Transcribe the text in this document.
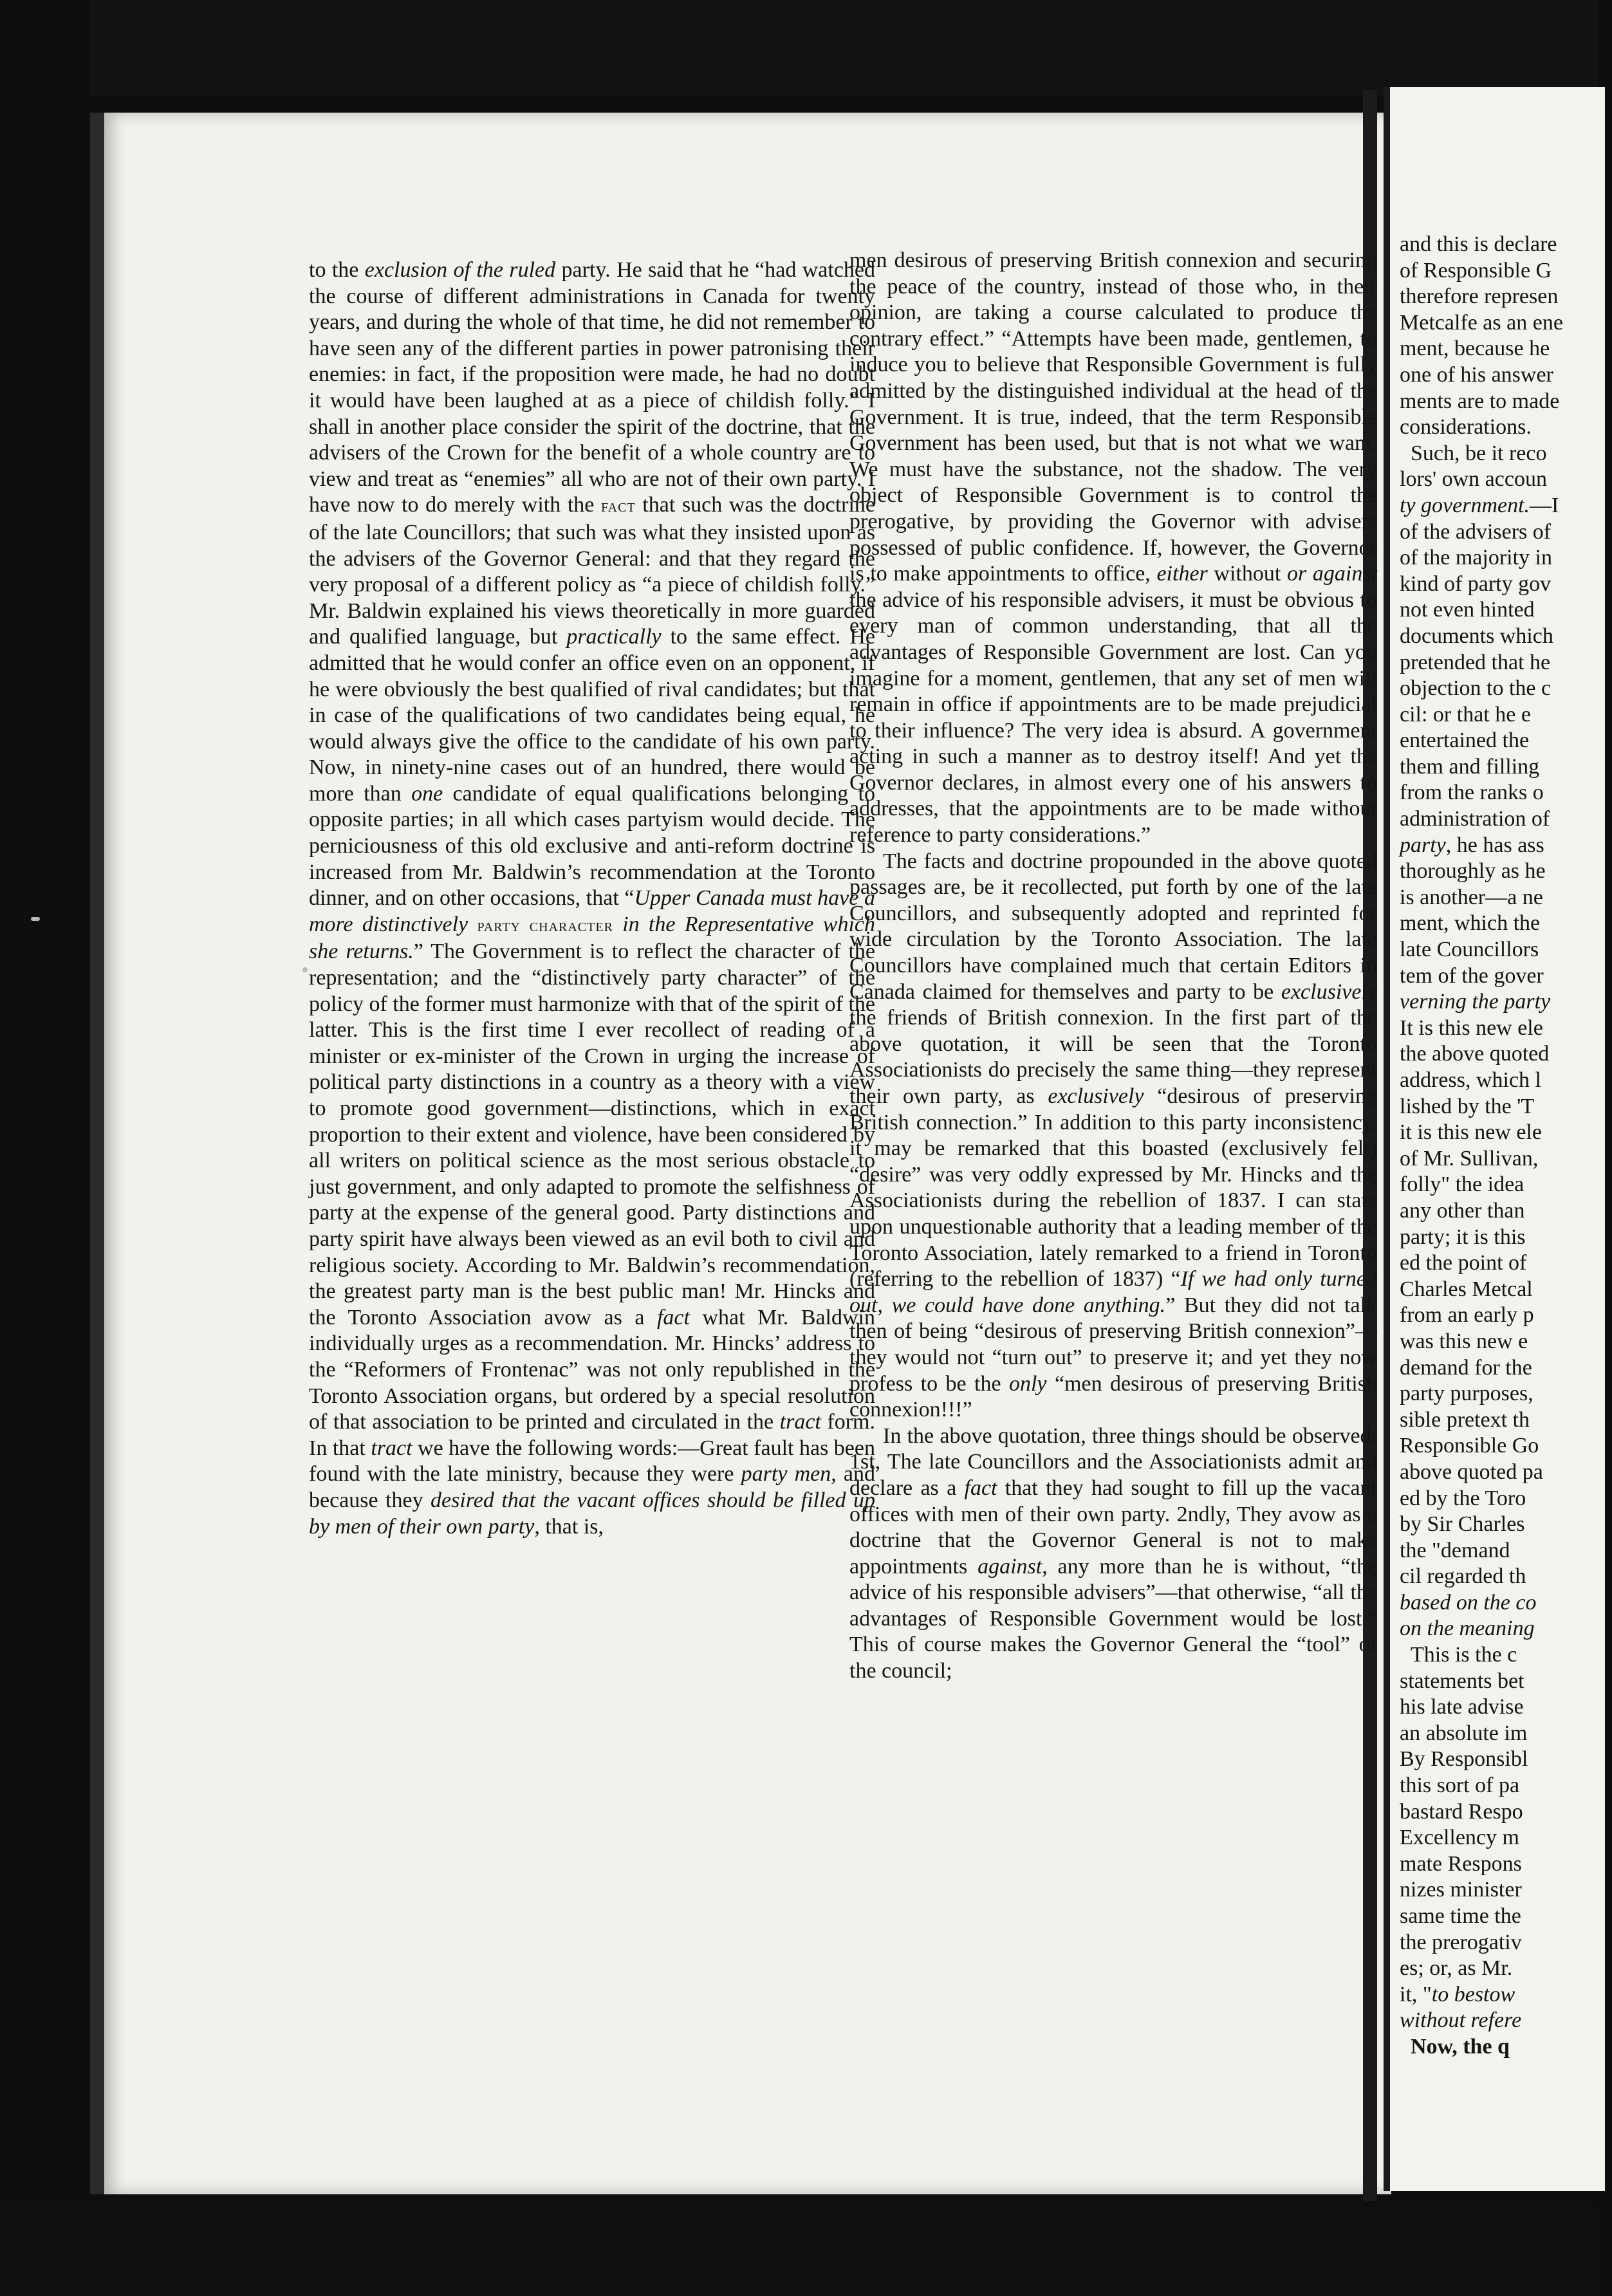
to the exclusion of the ruled party. He said that he “had watched the course of different administrations in Canada for twenty years, and during the whole of that time, he did not remember to have seen any of the different parties in power patronising their enemies: in fact, if the proposition were made, he had no doubt it would have been laughed at as a piece of childish folly.” I shall in another place consider the spirit of the doctrine, that the advisers of the Crown for the benefit of a whole country are to view and treat as “enemies” all who are not of their own party. I have now to do merely with the fact that such was the doctrine of the late Councillors; that such was what they insisted upon as the advisers of the Governor General: and that they regard the very proposal of a different policy as “a piece of childish folly.” Mr. Baldwin explained his views theoretically in more guarded and qualified language, but practically to the same effect. He admitted that he would confer an office even on an opponent, if he were obviously the best qualified of rival candidates; but that in case of the qualifications of two candidates being equal, he would always give the office to the candidate of his own party. Now, in ninety-nine cases out of an hundred, there would be more than one candidate of equal qualifications belonging to opposite parties; in all which cases partyism would decide. The perniciousness of this old exclusive and anti-reform doctrine is increased from Mr. Baldwin’s recommendation at the Toronto dinner, and on other occasions, that “Upper Canada must have a more distinctively party character in the Representative which she returns.” The Government is to reflect the character of the representation; and the “distinctively party character” of the policy of the former must harmonize with that of the spirit of the latter. This is the first time I ever recollect of reading of a minister or ex-minister of the Crown in urging the increase of political party distinctions in a country as a theory with a view to promote good government—distinctions, which in exact proportion to their extent and violence, have been considered by all writers on political science as the most serious obstacle to just government, and only adapted to promote the selfishness of party at the expense of the general good. Party distinctions and party spirit have always been viewed as an evil both to civil and religious society. According to Mr. Baldwin’s recommendation, the greatest party man is the best public man! Mr. Hincks and the Toronto Association avow as a fact what Mr. Baldwin individually urges as a recommendation. Mr. Hincks’ address to the “Reformers of Frontenac” was not only republished in the Toronto Association organs, but ordered by a special resolution of that association to be printed and circulated in the tract form. In that tract we have the following words:—Great fault has been found with the late ministry, because they were party men, and because they desired that the vacant offices should be filled up by men of their own party, that is,

men desirous of preserving British connexion and securing the peace of the country, instead of those who, in their opinion, are taking a course calculated to produce the contrary effect.” “Attempts have been made, gentlemen, to induce you to believe that Responsible Government is fully admitted by the distinguished individual at the head of the Government. It is true, indeed, that the term Responsible Government has been used, but that is not what we want. We must have the substance, not the shadow. The very object of Responsible Government is to control the prerogative, by providing the Governor with advisers possessed of public confidence. If, however, the Governor is to make appointments to office, either without or against the advice of his responsible advisers, it must be obvious to every man of common understanding, that all the advantages of Responsible Government are lost. Can you imagine for a moment, gentlemen, that any set of men will remain in office if appointments are to be made prejudicial to their influence? The very idea is absurd. A government acting in such a manner as to destroy itself! And yet the Governor declares, in almost every one of his answers to addresses, that the appointments are to be made without reference to party considerations.”

The facts and doctrine propounded in the above quoted passages are, be it recollected, put forth by one of the late Councillors, and subsequently adopted and reprinted for wide circulation by the Toronto Association. The late Councillors have complained much that certain Editors in Canada claimed for themselves and party to be exclusively the friends of British connexion. In the first part of the above quotation, it will be seen that the Toronto Associationists do precisely the same thing—they represent their own party, as exclusively “desirous of preserving British connection.” In addition to this party inconsistency, it may be remarked that this boasted (exclusively felt) “desire” was very oddly expressed by Mr. Hincks and the Associationists during the rebellion of 1837. I can state upon unquestionable authority that a leading member of the Toronto Association, lately remarked to a friend in Toronto (referring to the rebellion of 1837) “If we had only turned out, we could have done anything.” But they did not talk then of being “desirous of preserving British connexion”—they would not “turn out” to preserve it; and yet they now profess to be the only “men desirous of preserving British connexion!!!”

In the above quotation, three things should be observed: 1st, The late Councillors and the Associationists admit and declare as a fact that they had sought to fill up the vacant offices with men of their own party. 2ndly, They avow as a doctrine that the Governor General is not to make appointments against, any more than he is without, “the advice of his responsible advisers”—that otherwise, “all the advantages of Responsible Government would be lost.” This of course makes the Governor General the “tool” of the council;

and this is declare

of Responsible G

therefore represen

Metcalfe as an ene

ment, because he

one of his answer

ments are to made

considerations.

Such, be it reco

lors' own accoun

ty government.—I

of the advisers of

of the majority in

kind of party gov

not even hinted

documents which

pretended that he

objection to the c

cil: or that he e

entertained the

them and filling

from the ranks o

administration of

party, he has ass

thoroughly as he

is another—a ne

ment, which the

late Councillors

tem of the gover

verning the party

It is this new ele

the above quoted

address, which l

lished by the 'T

it is this new ele

of Mr. Sullivan,

folly" the idea

any other than

party; it is this

ed the point of

Charles Metcal

from an early p

was this new e

demand for the

party purposes,

sible pretext th

Responsible Go

above quoted pa

ed by the Toro

by Sir Charles

the "demand

cil regarded th

based on the co

on the meaning

This is the c

statements bet

his late advise

an absolute im

By Responsibl

this sort of pa

bastard Respo

Excellency m

mate Respons

nizes minister

same time the

the prerogativ

es; or, as Mr.

it, "to bestow

without refere

Now, the q
